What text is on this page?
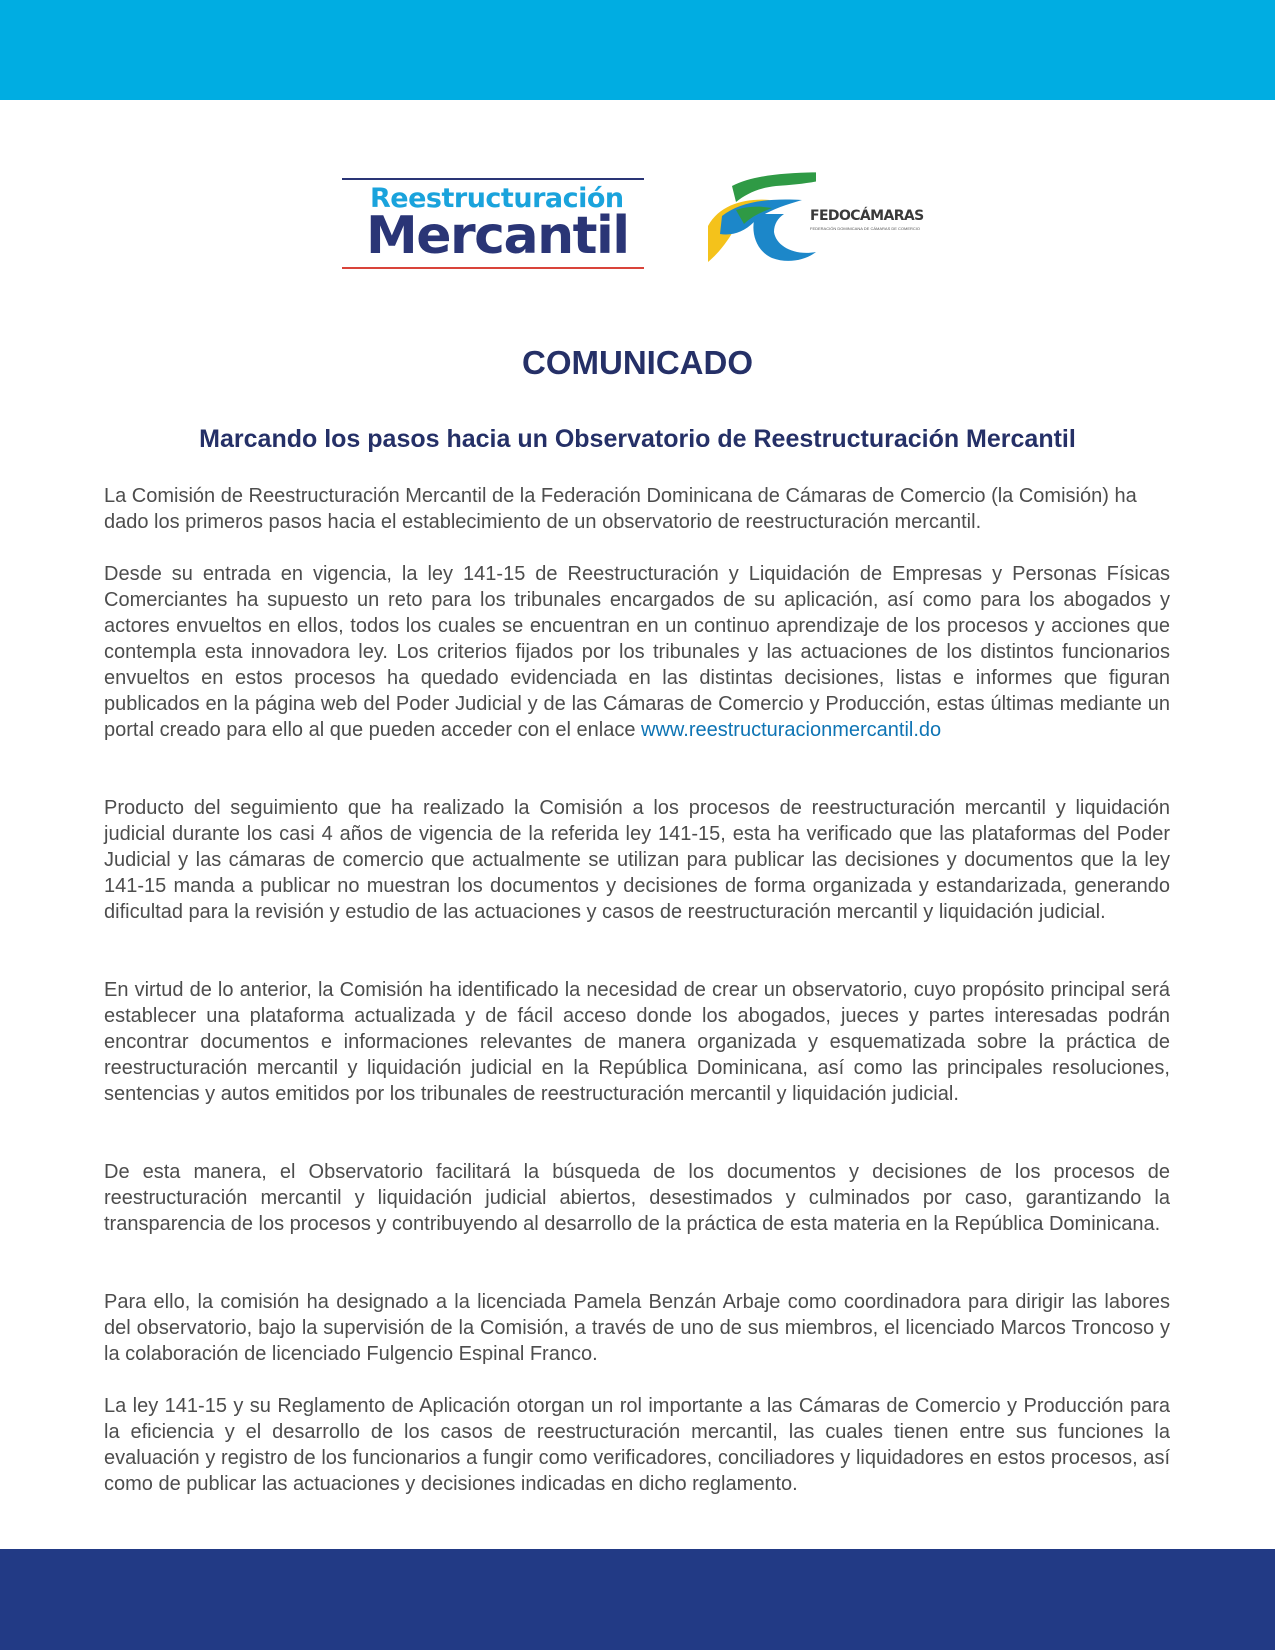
Reestructuración
Mercantil	FEDOCÁMARAS
FEDERACIÓN DOMINICANA DE CÁMARAS DE COMERCIO
COMUNICADO
Marcando los pasos hacia un Observatorio de Reestructuración Mercantil

La Comisión de Reestructuración Mercantil de la Federación Dominicana de Cámaras de Comercio (la Comisión) ha dado los primeros pasos hacia el establecimiento de un observatorio de reestructuración mercantil.

Desde su entrada en vigencia, la ley 141-15 de Reestructuración y Liquidación de Empresas y Personas Físicas Comerciantes ha supuesto un reto para los tribunales encargados de su aplicación, así como para los abogados y actores envueltos en ellos, todos los cuales se encuentran en un continuo aprendizaje de los procesos y acciones que contempla esta innovadora ley. Los criterios fijados por los tribunales y las actuaciones de los distintos funcionarios envueltos en estos procesos ha quedado evidenciada en las distintas decisiones, listas e informes que figuran publicados en la página web del Poder Judicial y de las Cámaras de Comercio y Producción, estas últimas mediante un portal creado para ello al que pueden acceder con el enlace www.reestructuracionmercantil.do

Producto del seguimiento que ha realizado la Comisión a los procesos de reestructuración mercantil y liquidación judicial durante los casi 4 años de vigencia de la referida ley 141-15, esta ha verificado que las plataformas del Poder Judicial y las cámaras de comercio que actualmente se utilizan para publicar las decisiones y documentos que la ley 141-15 manda a publicar no muestran los documentos y decisiones de forma organizada y estandarizada, generando dificultad para la revisión y estudio de las actuaciones y casos de reestructuración mercantil y liquidación judicial.

En virtud de lo anterior, la Comisión ha identificado la necesidad de crear un observatorio, cuyo propósito principal será establecer una plataforma actualizada y de fácil acceso donde los abogados, jueces y partes interesadas podrán encontrar documentos e informaciones relevantes de manera organizada y esquematizada sobre la práctica de reestructuración mercantil y liquidación judicial en la República Dominicana, así como las principales resoluciones, sentencias y autos emitidos por los tribunales de reestructuración mercantil y liquidación judicial.

De esta manera, el Observatorio facilitará la búsqueda de los documentos y decisiones de los procesos de reestructuración mercantil y liquidación judicial abiertos, desestimados y culminados por caso, garantizando la transparencia de los procesos y contribuyendo al desarrollo de la práctica de esta materia en la República Dominicana.

Para ello, la comisión ha designado a la licenciada Pamela Benzán Arbaje como coordinadora para dirigir las labores del observatorio, bajo la supervisión de la Comisión, a través de uno de sus miembros, el licenciado Marcos Troncoso y la colaboración de licenciado Fulgencio Espinal Franco.

La ley 141-15 y su Reglamento de Aplicación otorgan un rol importante a las Cámaras de Comercio y Producción para la eficiencia y el desarrollo de los casos de reestructuración mercantil, las cuales tienen entre sus funciones la evaluación y registro de los funcionarios a fungir como verificadores, conciliadores y liquidadores en estos procesos, así como de publicar las actuaciones y decisiones indicadas en dicho reglamento.
